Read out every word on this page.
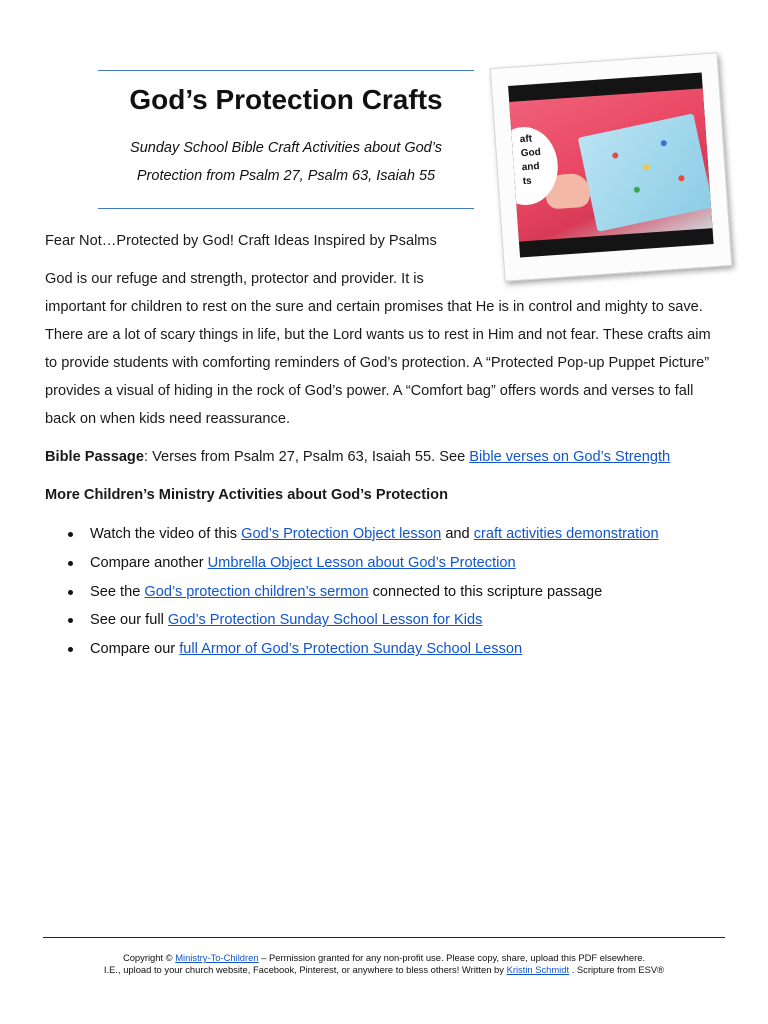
God’s Protection Crafts

Sunday School Bible Craft Activities about God’s
Protection from Psalm 27, Psalm 63, Isaiah 55

aft
God
and
ts

Fear Not…Protected by God! Craft Ideas Inspired by Psalms

God is our refuge and strength, protector and provider. It is

important for children to rest on the sure and certain promises that He is in control and mighty to save. There are a lot of scary things in life, but the Lord wants us to rest in Him and not fear. These crafts aim to provide students with comforting reminders of God’s protection. A “Protected Pop-up Puppet Picture” provides a visual of hiding in the rock of God’s power. A “Comfort bag” offers words and verses to fall back on when kids need reassurance.

Bible Passage: Verses from Psalm 27, Psalm 63, Isaiah 55. See Bible verses on God’s Strength

More Children’s Ministry Activities about God’s Protection

Watch the video of this God’s Protection Object lesson and craft activities demonstration
Compare another Umbrella Object Lesson about God’s Protection
See the God’s protection children’s sermon connected to this scripture passage
See our full God’s Protection Sunday School Lesson for Kids
Compare our full Armor of God’s Protection Sunday School Lesson
Copyright © Ministry-To-Children – Permission granted for any non-profit use. Please copy, share, upload this PDF elsewhere.
I.E., upload to your church website, Facebook, Pinterest, or anywhere to bless others! Written by Kristin Schmidt . Scripture from ESV®
